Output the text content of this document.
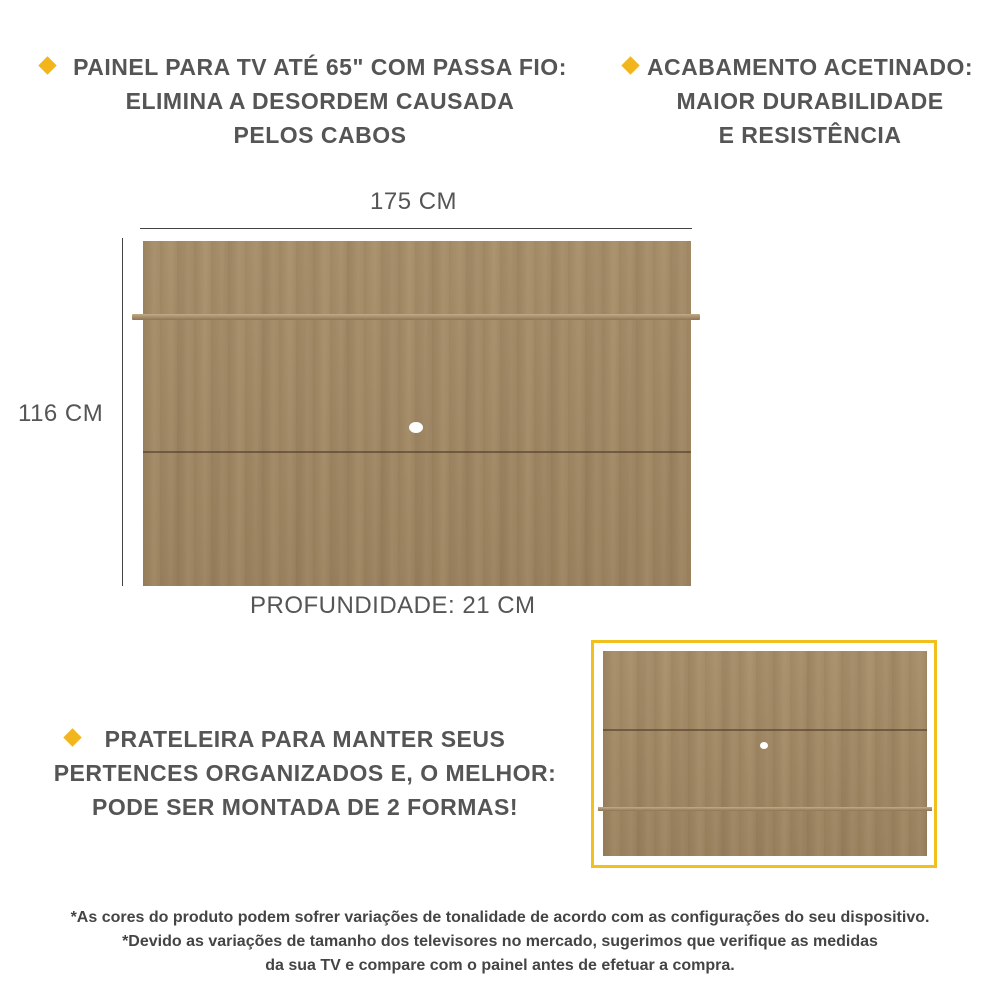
PAINEL PARA TV ATÉ 65" COM PASSA FIO:
ELIMINA A DESORDEM CAUSADA
PELOS CABOS
ACABAMENTO ACETINADO:
MAIOR DURABILIDADE
E RESISTÊNCIA
175 CM
116 CM
PROFUNDIDADE: 21 CM
PRATELEIRA PARA MANTER SEUS
PERTENCES ORGANIZADOS E, O MELHOR:
PODE SER MONTADA DE 2 FORMAS!
*As cores do produto podem sofrer variações de tonalidade de acordo com as configurações do seu dispositivo.
*Devido as variações de tamanho dos televisores no mercado, sugerimos que verifique as medidas
da sua TV e compare com o painel antes de efetuar a compra.
